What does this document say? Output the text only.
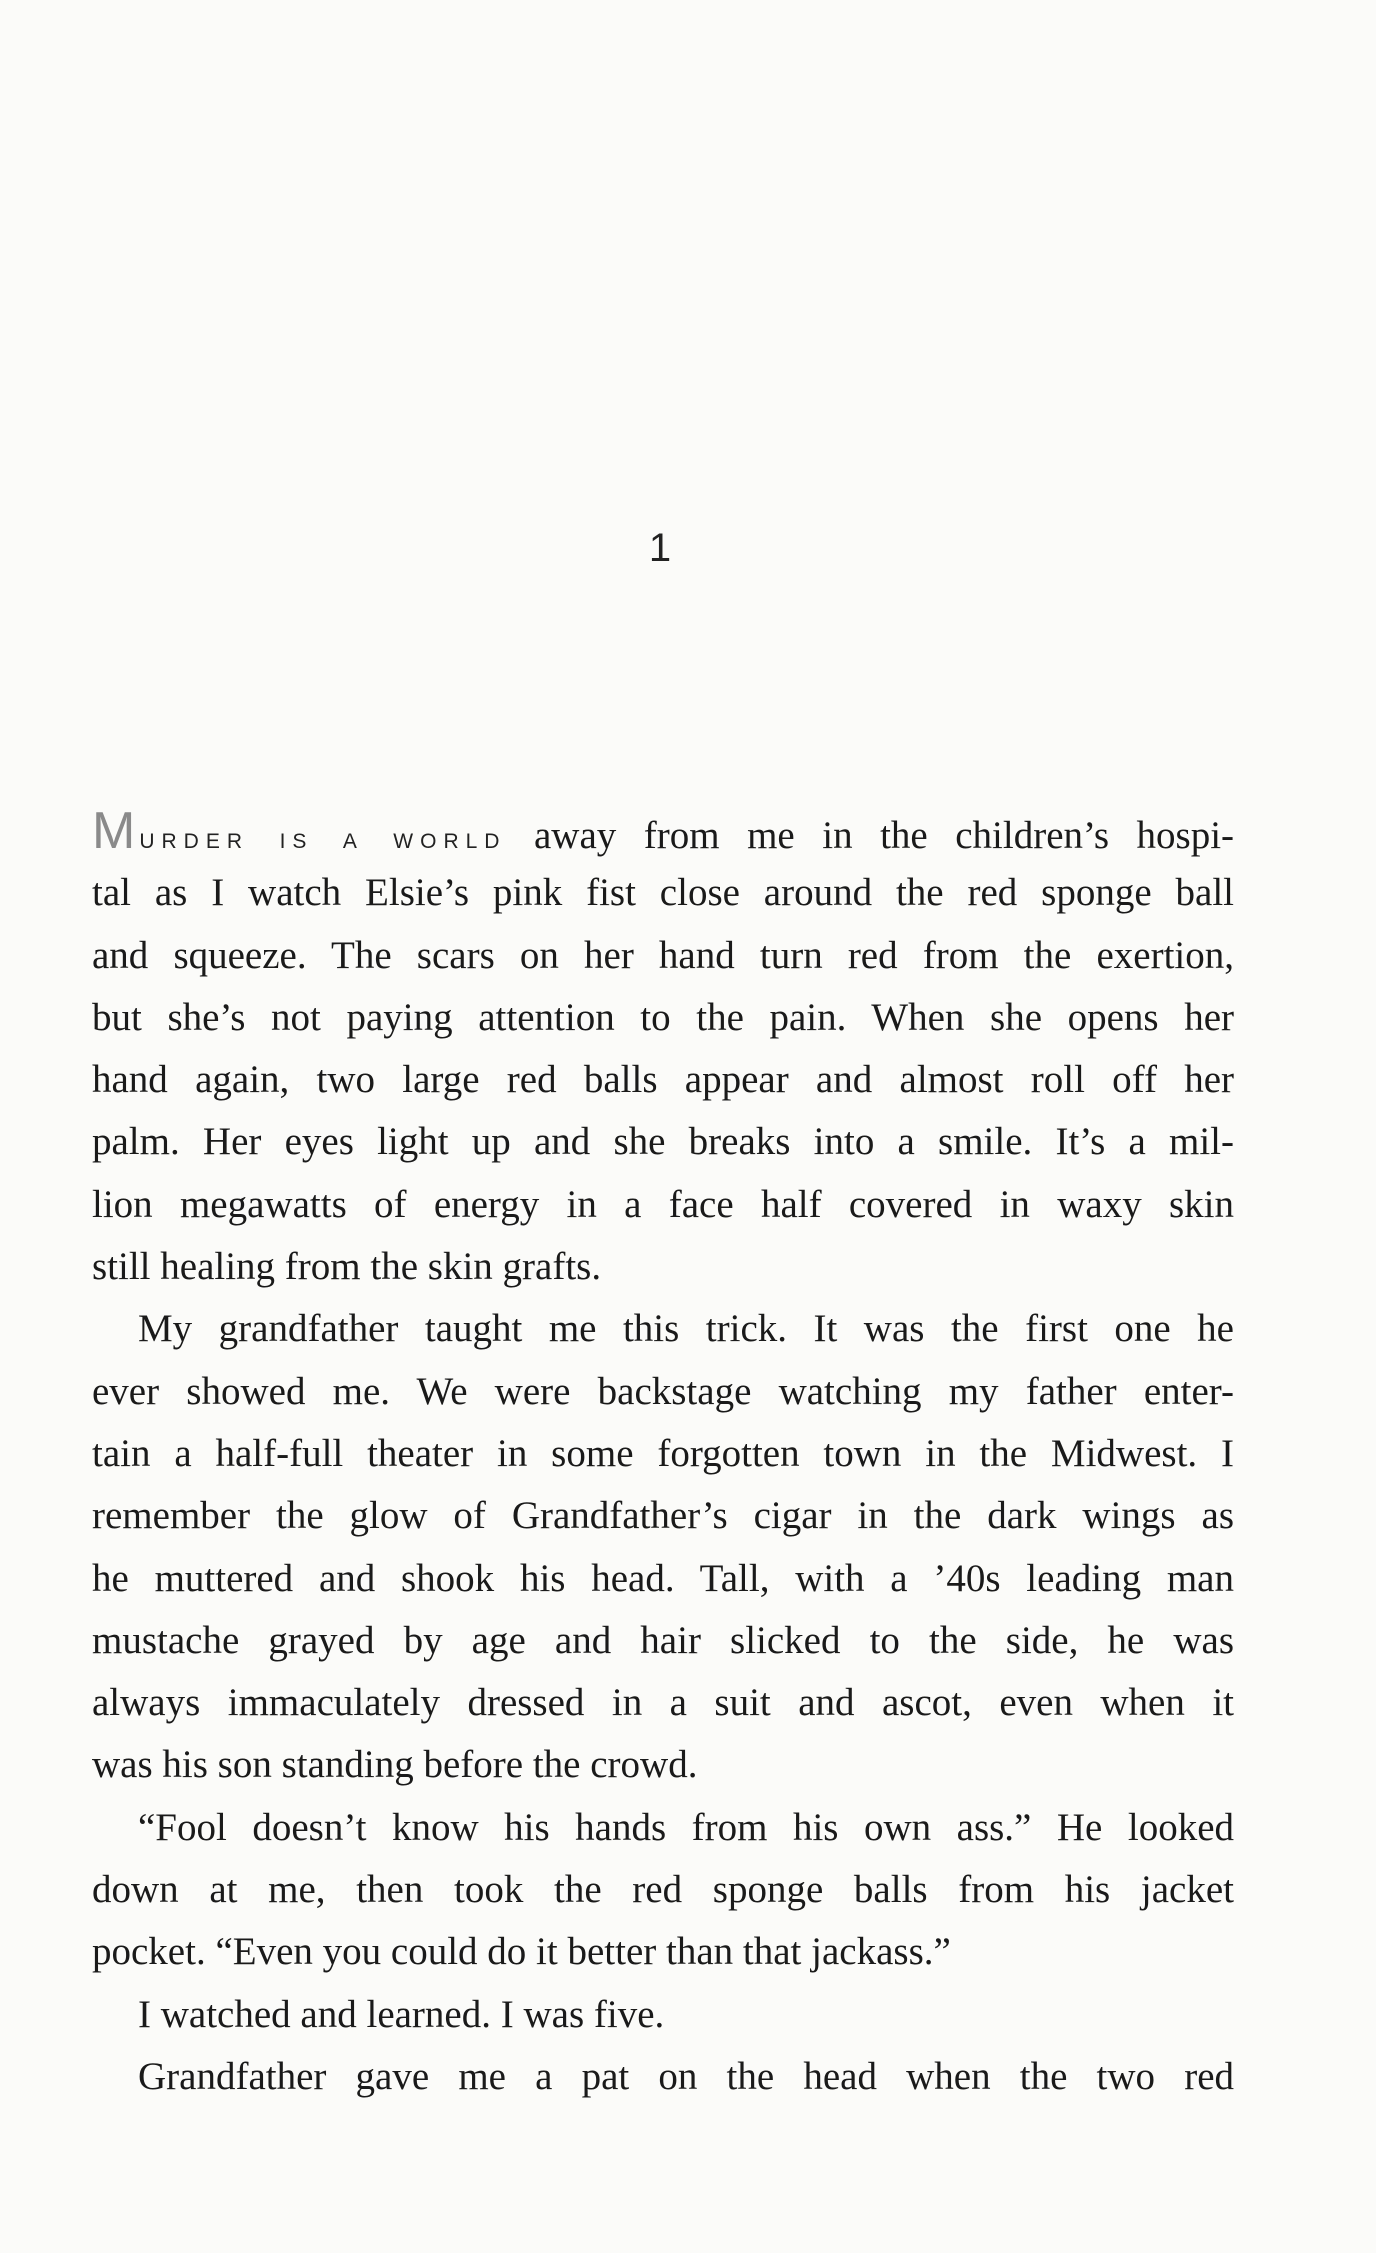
1
MURDER IS A WORLD away from me in the children’s hospi-
tal as I watch Elsie’s pink fist close around the red sponge ball
and squeeze. The scars on her hand turn red from the exertion,
but she’s not paying attention to the pain. When she opens her
hand again, two large red balls appear and almost roll off her
palm. Her eyes light up and she breaks into a smile. It’s a mil-
lion megawatts of energy in a face half covered in waxy skin
still healing from the skin grafts.
My grandfather taught me this trick. It was the first one he
ever showed me. We were backstage watching my father enter-
tain a half-full theater in some forgotten town in the Midwest. I
remember the glow of Grandfather’s cigar in the dark wings as
he muttered and shook his head. Tall, with a ’40s leading man
mustache grayed by age and hair slicked to the side, he was
always immaculately dressed in a suit and ascot, even when it
was his son standing before the crowd.
“Fool doesn’t know his hands from his own ass.” He looked
down at me, then took the red sponge balls from his jacket
pocket. “Even you could do it better than that jackass.”
I watched and learned. I was five.
Grandfather gave me a pat on the head when the two red
